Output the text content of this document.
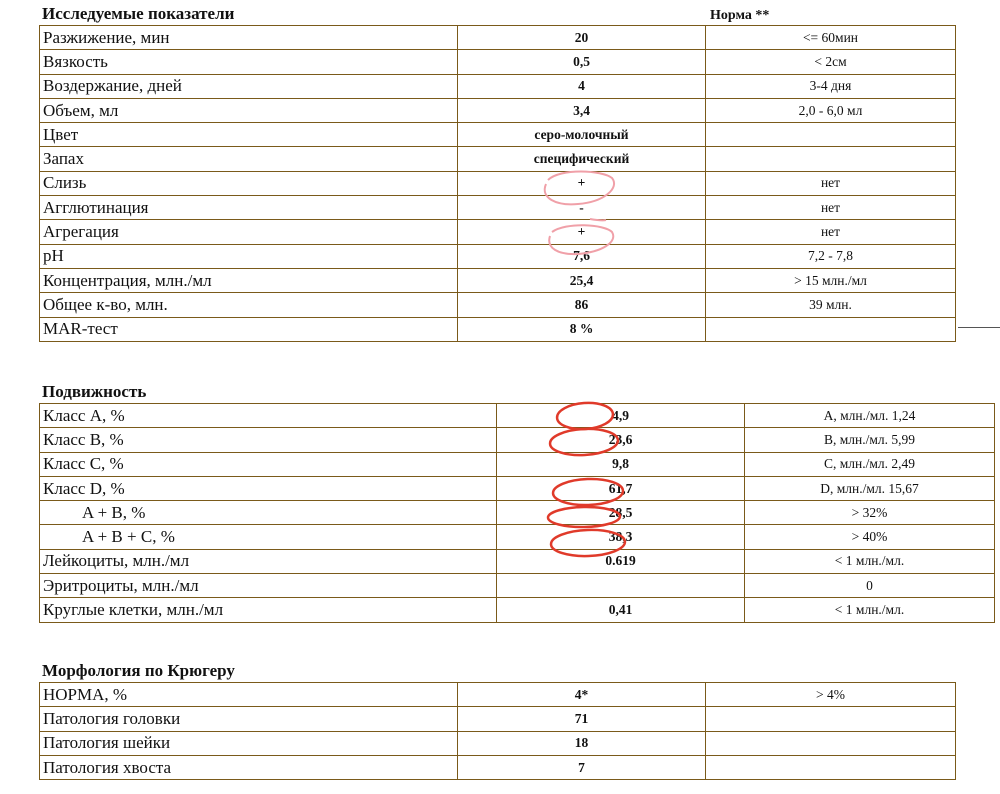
Исследуемые показатели	Норма **
Разжижение, мин	20	<= 60мин
Вязкость	0,5	< 2см
Воздержание, дней	4	3-4 дня
Объем, мл	3,4	2,0 - 6,0 мл
Цвет	серо-молочный	
Запах	специфический	
Слизь	+	нет
Агглютинация	-	нет
Агрегация	+	нет
pH	7,6	7,2 - 7,8
Концентрация, млн./мл	25,4	> 15 млн./мл
Общее к-во, млн.	86	39 млн.
MAR-тест	8 %	
Подвижность
Класс А, %	4,9	A, млн./мл. 1,24
Класс В, %	23,6	B, млн./мл. 5,99
Класс С, %	9,8	C, млн./мл. 2,49
Класс D, %	61,7	D, млн./мл. 15,67
A + B, %	28,5	> 32%
A + B + C, %	38,3	> 40%
Лейкоциты, млн./мл	0.619	< 1 млн./мл.
Эритроциты, млн./мл		0
Круглые клетки, млн./мл	0,41	< 1 млн./мл.
Морфология по Крюгеру
НОРМА, %	4*	> 4%
Патология головки	71	
Патология шейки	18	
Патология хвоста	7	
